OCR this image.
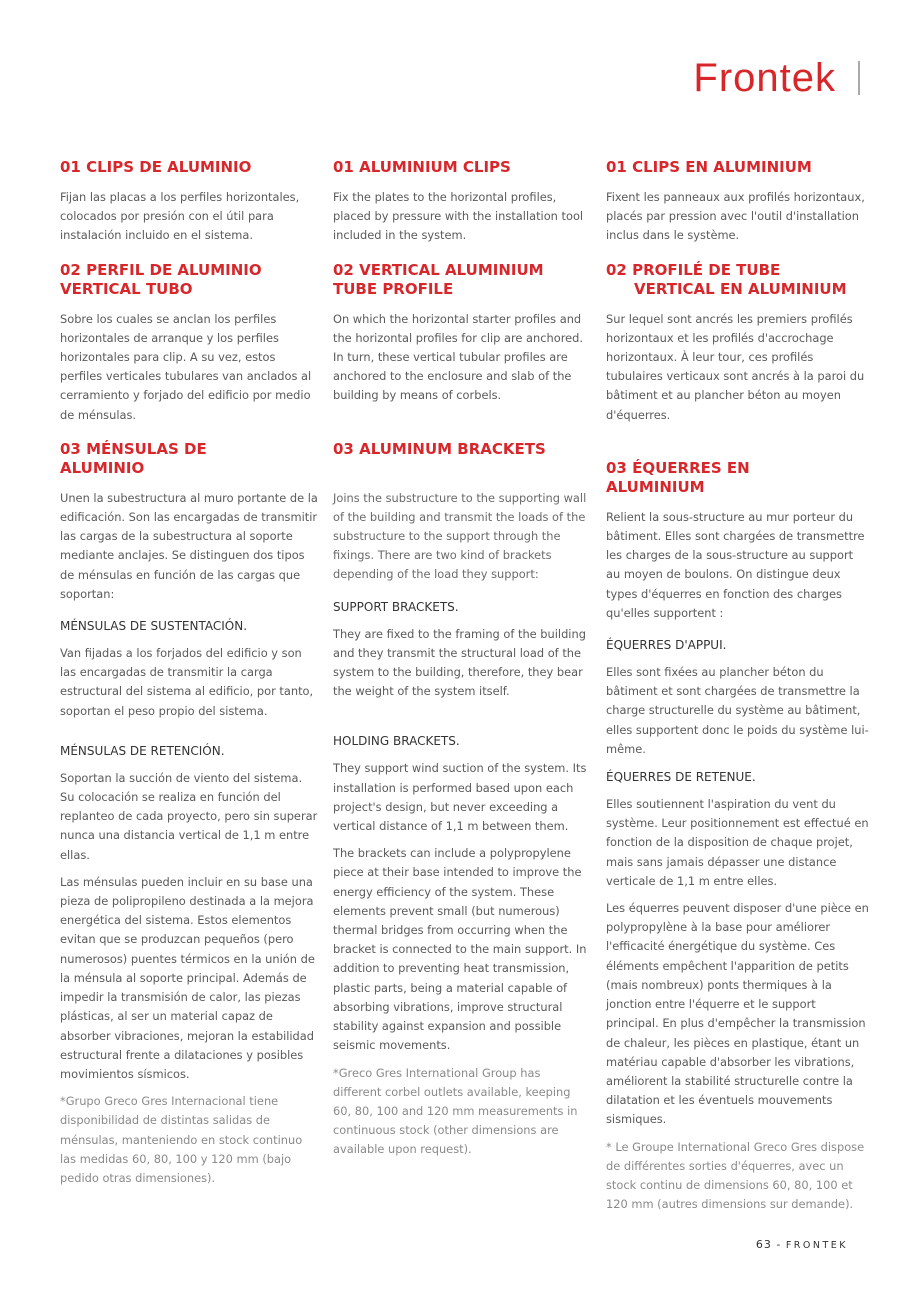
Frontek
01 CLIPS DE ALUMINIO

Fijan las placas a los perfiles horizontales, colocados por presión con el útil para instalación incluido en el sistema.

02 PERFIL DE ALUMINIO
VERTICAL TUBO

Sobre los cuales se anclan los perfiles horizontales de arranque y los perfiles horizontales para clip. A su vez, estos perfiles verticales tubulares van anclados al cerramiento y forjado del edificio por medio de ménsulas.

03 MÉNSULAS DE
ALUMINIO

Unen la subestructura al muro portante de la edificación. Son las encargadas de transmitir las cargas de la subestructura al soporte mediante anclajes. Se distinguen dos tipos de ménsulas en función de las cargas que soportan:

MÉNSULAS DE SUSTENTACIÓN.

Van fijadas a los forjados del edificio y son las encargadas de transmitir la carga estructural del sistema al edificio, por tanto, soportan el peso propio del sistema.

MÉNSULAS DE RETENCIÓN.

Soportan la succión de viento del sistema. Su colocación se realiza en función del replanteo de cada proyecto, pero sin superar nunca una distancia vertical de 1,1 m entre ellas.

Las ménsulas pueden incluir en su base una pieza de polipropileno destinada a la mejora energética del sistema. Estos elementos evitan que se produzcan pequeños (pero numerosos) puentes térmicos en la unión de la ménsula al soporte principal. Además de impedir la transmisión de calor, las piezas plásticas, al ser un material capaz de absorber vibraciones, mejoran la estabilidad estructural frente a dilataciones y posibles movimientos sísmicos.

*Grupo Greco Gres Internacional tiene disponibilidad de distintas salidas de ménsulas, manteniendo en stock continuo las medidas 60, 80, 100 y 120 mm (bajo pedido otras dimensiones).

01 ALUMINIUM CLIPS

Fix the plates to the horizontal profiles, placed by pressure with the installation tool included in the system.

02 VERTICAL ALUMINIUM
TUBE PROFILE

On which the horizontal starter profiles and the horizontal profiles for clip are anchored. In turn, these vertical tubular profiles are anchored to the enclosure and slab of the building by means of corbels.

03 ALUMINUM BRACKETS

Joins the substructure to the supporting wall of the building and transmit the loads of the substructure to the support through the fixings. There are two kind of brackets depending of the load they support:

SUPPORT BRACKETS.

They are fixed to the framing of the building and they transmit the structural load of the system to the building, therefore, they bear the weight of the system itself.

HOLDING BRACKETS.

They support wind suction of the system. Its installation is performed based upon each project's design, but never exceeding a vertical distance of 1,1 m between them.

The brackets can include a polypropylene piece at their base intended to improve the energy efficiency of the system. These elements prevent small (but numerous) thermal bridges from occurring when the bracket is connected to the main support. In addition to preventing heat transmission, plastic parts, being a material capable of absorbing vibrations, improve structural stability against expansion and possible seismic movements.

*Greco Gres International Group has different corbel outlets available, keeping 60, 80, 100 and 120 mm measurements in continuous stock (other dimensions are available upon request).

01 CLIPS EN ALUMINIUM

Fixent les panneaux aux profilés horizontaux, placés par pression avec l'outil d'installation inclus dans le système.

02 PROFILÉ DE TUBE
VERTICAL EN ALUMINIUM

Sur lequel sont ancrés les premiers profilés horizontaux et les profilés d'accrochage horizontaux. À leur tour, ces profilés tubulaires verticaux sont ancrés à la paroi du bâtiment et au plancher béton au moyen d'équerres.

03 ÉQUERRES EN
ALUMINIUM

Relient la sous-structure au mur porteur du bâtiment. Elles sont chargées de transmettre les charges de la sous-structure au support au moyen de boulons. On distingue deux types d'équerres en fonction des charges qu'elles supportent :

ÉQUERRES D'APPUI.

Elles sont fixées au plancher béton du bâtiment et sont chargées de transmettre la charge structurelle du système au bâtiment, elles supportent donc le poids du système lui-même.

ÉQUERRES DE RETENUE.

Elles soutiennent l'aspiration du vent du système. Leur positionnement est effectué en fonction de la disposition de chaque projet, mais sans jamais dépasser une distance verticale de 1,1 m entre elles.

Les équerres peuvent disposer d'une pièce en polypropylène à la base pour améliorer l'efficacité énergétique du système. Ces éléments empêchent l'apparition de petits (mais nombreux) ponts thermiques à la jonction entre l'équerre et le support principal. En plus d'empêcher la transmission de chaleur, les pièces en plastique, étant un matériau capable d'absorber les vibrations, améliorent la stabilité structurelle contre la dilatation et les éventuels mouvements sismiques.

* Le Groupe International Greco Gres dispose de différentes sorties d'équerres, avec un stock continu de dimensions 60, 80, 100 et 120 mm (autres dimensions sur demande).

63 - FRONTEK
